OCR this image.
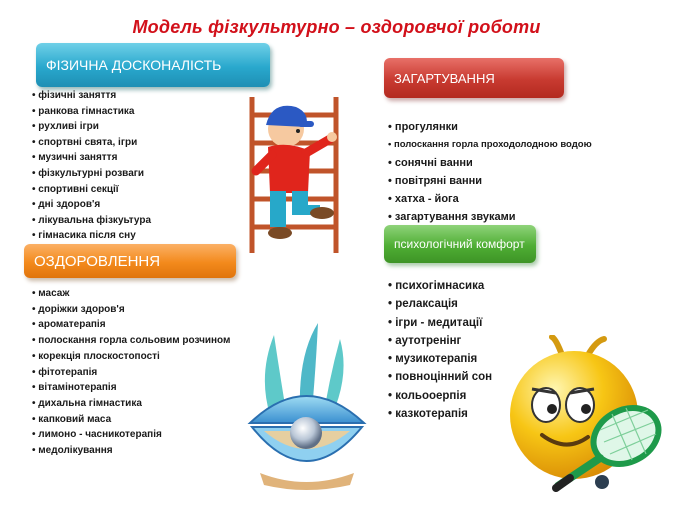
Модель фізкультурно – оздоровчої роботи
ФІЗИЧНА ДОСКОНАЛІСТЬ
• фізичні заняття
• ранкова гімнастика
• рухливі ігри
• спортвні свята, ігри
• музичні заняття
• фізкультурні розваги
• спортивні секції
• дні здоров'я
• лікувальна фізкуьтура
• гімнасика після сну
ЗАГАРТУВАННЯ
• прогулянки
• полоскання горла проходолодною водою
• сонячні ванни
• повітряні ванни
• хатха - йога
• загартування звуками
психологічний комфорт
• психогімнасика
• релаксація
• ігри - медитації
• аутотренінг
• музикотерапія
• повноцінний сон
• кольооерпія
• казкотерапія
ОЗДОРОВЛЕННЯ
• масаж
• доріжки здоров'я
• ароматерапія
• полоскання горла сольовим розчином
• корекція плоскостопості
• фітотерапія
• вітамінотерапія
• дихальна гімнастика
• капковий маса
• лимоно - часникотерапія
• медолікування
